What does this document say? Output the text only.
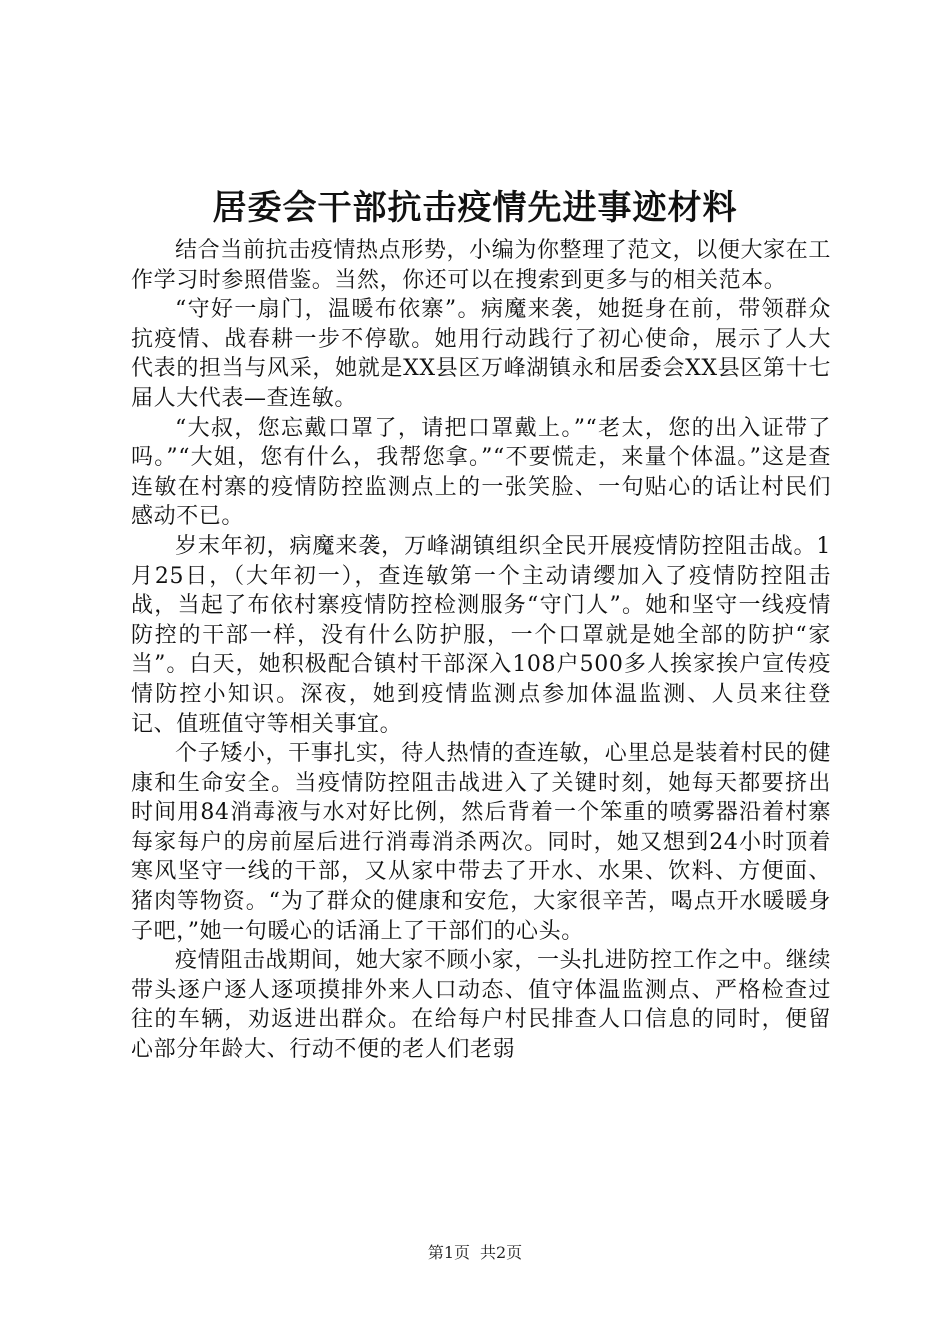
居委会干部抗击疫情先进事迹材料

结合当前抗击疫情热点形势，小编为你整理了范文，以便大家在工作学习时参照借鉴。当然，你还可以在搜索到更多与的相关范本。

“守好一扇门，温暖布依寨”。病魔来袭，她挺身在前，带领群众抗疫情、战春耕一步不停歇。她用行动践行了初心使命，展示了人大代表的担当与风采，她就是XX县区万峰湖镇永和居委会XX县区第十七届人大代表—查连敏。

“大叔，您忘戴口罩了，请把口罩戴上。”“老太，您的出入证带了吗。”“大姐，您有什么，我帮您拿。”“不要慌走，来量个体温。”这是查连敏在村寨的疫情防控监测点上的一张笑脸、一句贴心的话让村民们感动不已。

岁末年初，病魔来袭，万峰湖镇组织全民开展疫情防控阻击战。1月25日，（大年初一），查连敏第一个主动请缨加入了疫情防控阻击战，当起了布依村寨疫情防控检测服务“守门人”。她和坚守一线疫情防控的干部一样，没有什么防护服，一个口罩就是她全部的防护“家当”。白天，她积极配合镇村干部深入108户500多人挨家挨户宣传疫情防控小知识。深夜，她到疫情监测点参加体温监测、人员来往登记、值班值守等相关事宜。

个子矮小，干事扎实，待人热情的查连敏，心里总是装着村民的健康和生命安全。当疫情防控阻击战进入了关键时刻，她每天都要挤出时间用84消毒液与水对好比例，然后背着一个笨重的喷雾器沿着村寨每家每户的房前屋后进行消毒消杀两次。同时，她又想到24小时顶着寒风坚守一线的干部，又从家中带去了开水、水果、饮料、方便面、猪肉等物资。“为了群众的健康和安危，大家很辛苦，喝点开水暖暖身子吧，”她一句暖心的话涌上了干部们的心头。

疫情阻击战期间，她大家不顾小家，一头扎进防控工作之中。继续带头逐户逐人逐项摸排外来人口动态、值守体温监测点、严格检查过往的车辆，劝返进出群众。在给每户村民排查人口信息的同时，便留心部分年龄大、行动不便的老人们老弱

第1页 共2页
